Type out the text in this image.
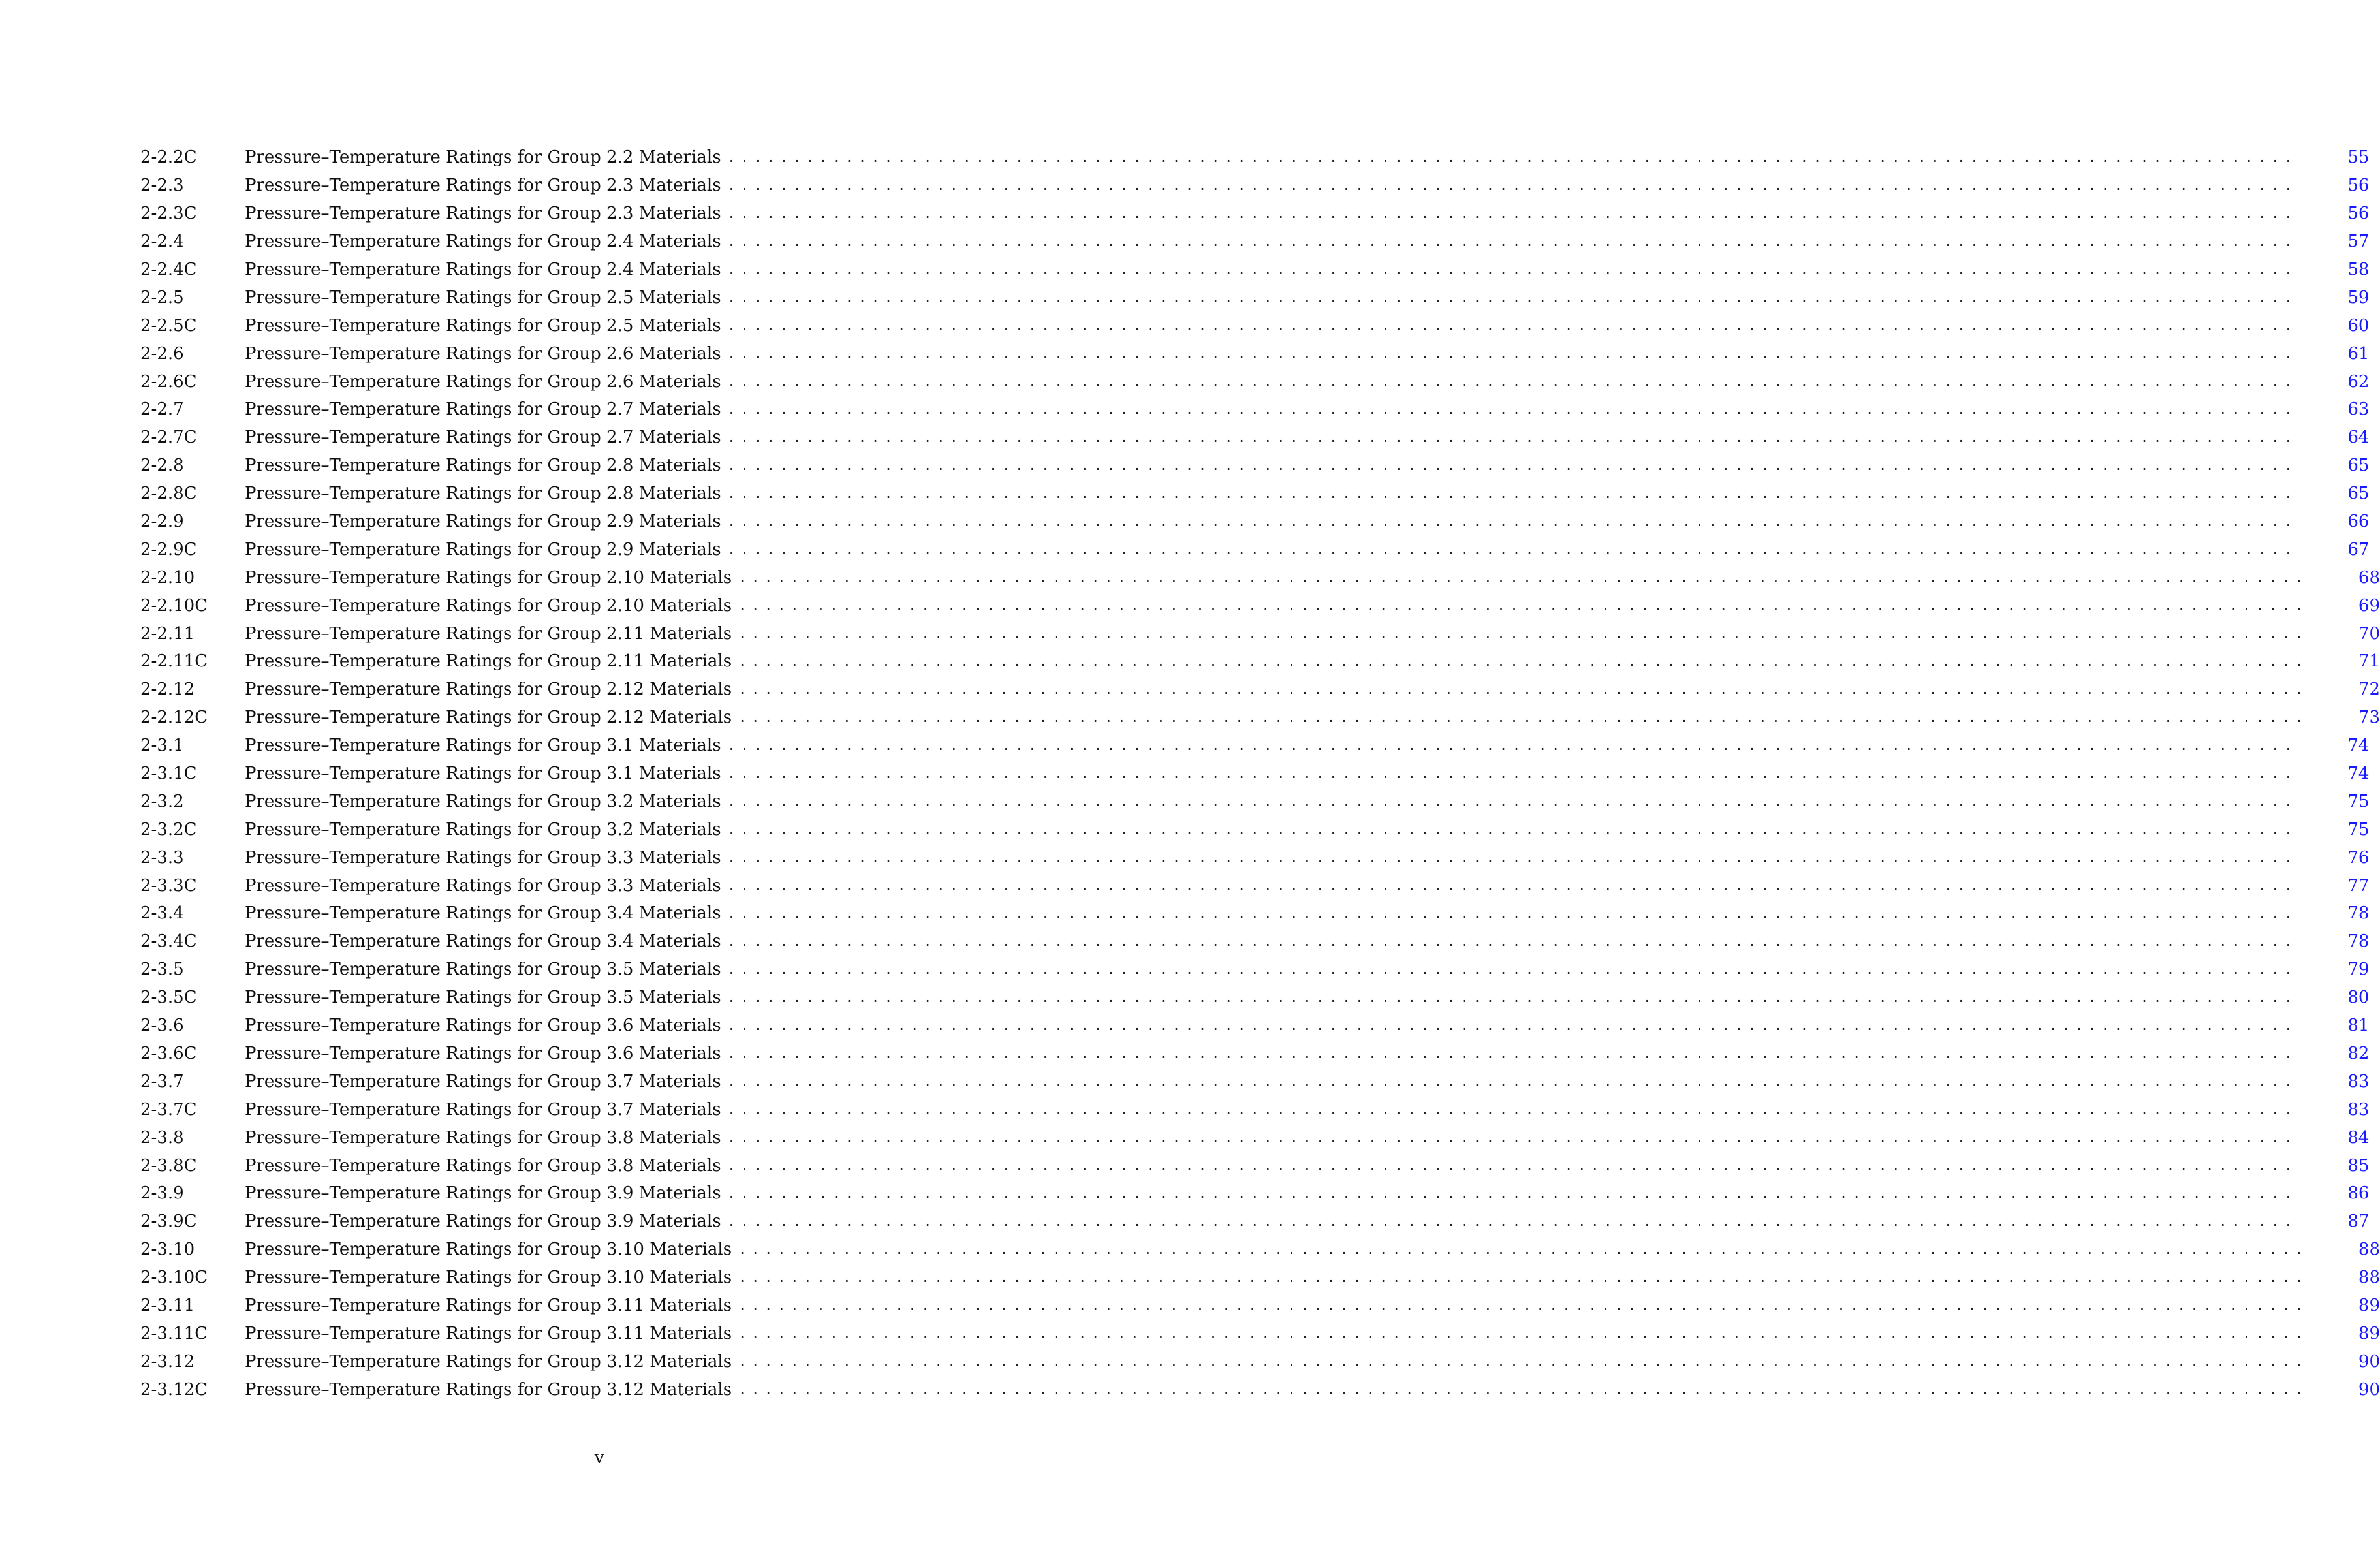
2-2.2C	Pressure–Temperature Ratings for Group 2.2 Materials ........................................................................................................................	55
2-2.3	Pressure–Temperature Ratings for Group 2.3 Materials ........................................................................................................................	56
2-2.3C	Pressure–Temperature Ratings for Group 2.3 Materials ........................................................................................................................	56
2-2.4	Pressure–Temperature Ratings for Group 2.4 Materials ........................................................................................................................	57
2-2.4C	Pressure–Temperature Ratings for Group 2.4 Materials ........................................................................................................................	58
2-2.5	Pressure–Temperature Ratings for Group 2.5 Materials ........................................................................................................................	59
2-2.5C	Pressure–Temperature Ratings for Group 2.5 Materials ........................................................................................................................	60
2-2.6	Pressure–Temperature Ratings for Group 2.6 Materials ........................................................................................................................	61
2-2.6C	Pressure–Temperature Ratings for Group 2.6 Materials ........................................................................................................................	62
2-2.7	Pressure–Temperature Ratings for Group 2.7 Materials ........................................................................................................................	63
2-2.7C	Pressure–Temperature Ratings for Group 2.7 Materials ........................................................................................................................	64
2-2.8	Pressure–Temperature Ratings for Group 2.8 Materials ........................................................................................................................	65
2-2.8C	Pressure–Temperature Ratings for Group 2.8 Materials ........................................................................................................................	65
2-2.9	Pressure–Temperature Ratings for Group 2.9 Materials ........................................................................................................................	66
2-2.9C	Pressure–Temperature Ratings for Group 2.9 Materials ........................................................................................................................	67
2-2.10	Pressure–Temperature Ratings for Group 2.10 Materials ........................................................................................................................	68
2-2.10C	Pressure–Temperature Ratings for Group 2.10 Materials ........................................................................................................................	69
2-2.11	Pressure–Temperature Ratings for Group 2.11 Materials ........................................................................................................................	70
2-2.11C	Pressure–Temperature Ratings for Group 2.11 Materials ........................................................................................................................	71
2-2.12	Pressure–Temperature Ratings for Group 2.12 Materials ........................................................................................................................	72
2-2.12C	Pressure–Temperature Ratings for Group 2.12 Materials ........................................................................................................................	73
2-3.1	Pressure–Temperature Ratings for Group 3.1 Materials ........................................................................................................................	74
2-3.1C	Pressure–Temperature Ratings for Group 3.1 Materials ........................................................................................................................	74
2-3.2	Pressure–Temperature Ratings for Group 3.2 Materials ........................................................................................................................	75
2-3.2C	Pressure–Temperature Ratings for Group 3.2 Materials ........................................................................................................................	75
2-3.3	Pressure–Temperature Ratings for Group 3.3 Materials ........................................................................................................................	76
2-3.3C	Pressure–Temperature Ratings for Group 3.3 Materials ........................................................................................................................	77
2-3.4	Pressure–Temperature Ratings for Group 3.4 Materials ........................................................................................................................	78
2-3.4C	Pressure–Temperature Ratings for Group 3.4 Materials ........................................................................................................................	78
2-3.5	Pressure–Temperature Ratings for Group 3.5 Materials ........................................................................................................................	79
2-3.5C	Pressure–Temperature Ratings for Group 3.5 Materials ........................................................................................................................	80
2-3.6	Pressure–Temperature Ratings for Group 3.6 Materials ........................................................................................................................	81
2-3.6C	Pressure–Temperature Ratings for Group 3.6 Materials ........................................................................................................................	82
2-3.7	Pressure–Temperature Ratings for Group 3.7 Materials ........................................................................................................................	83
2-3.7C	Pressure–Temperature Ratings for Group 3.7 Materials ........................................................................................................................	83
2-3.8	Pressure–Temperature Ratings for Group 3.8 Materials ........................................................................................................................	84
2-3.8C	Pressure–Temperature Ratings for Group 3.8 Materials ........................................................................................................................	85
2-3.9	Pressure–Temperature Ratings for Group 3.9 Materials ........................................................................................................................	86
2-3.9C	Pressure–Temperature Ratings for Group 3.9 Materials ........................................................................................................................	87
2-3.10	Pressure–Temperature Ratings for Group 3.10 Materials ........................................................................................................................	88
2-3.10C	Pressure–Temperature Ratings for Group 3.10 Materials ........................................................................................................................	88
2-3.11	Pressure–Temperature Ratings for Group 3.11 Materials ........................................................................................................................	89
2-3.11C	Pressure–Temperature Ratings for Group 3.11 Materials ........................................................................................................................	89
2-3.12	Pressure–Temperature Ratings for Group 3.12 Materials ........................................................................................................................	90
2-3.12C	Pressure–Temperature Ratings for Group 3.12 Materials ........................................................................................................................	90
v
